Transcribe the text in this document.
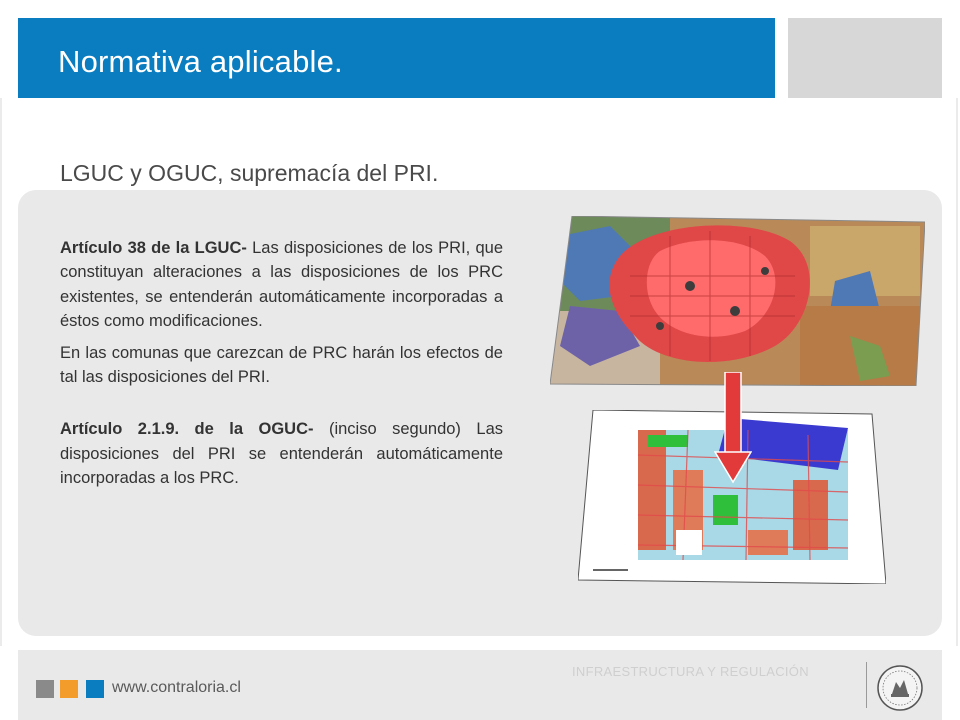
Normativa aplicable.
LGUC y OGUC, supremacía del PRI.

Artículo 38 de la LGUC- Las disposiciones de los PRI, que constituyan alteraciones a las disposiciones de los PRC existentes, se entenderán automáticamente incorporadas a éstos como modificaciones.

En las comunas que carezcan de PRC harán los efectos de tal las disposiciones del PRI.

Artículo 2.1.9. de la OGUC- (inciso segundo) Las disposiciones del PRI se entenderán automáticamente incorporadas a los PRC.

www.contraloria.cl
INFRAESTRUCTURA Y REGULACIÓN
